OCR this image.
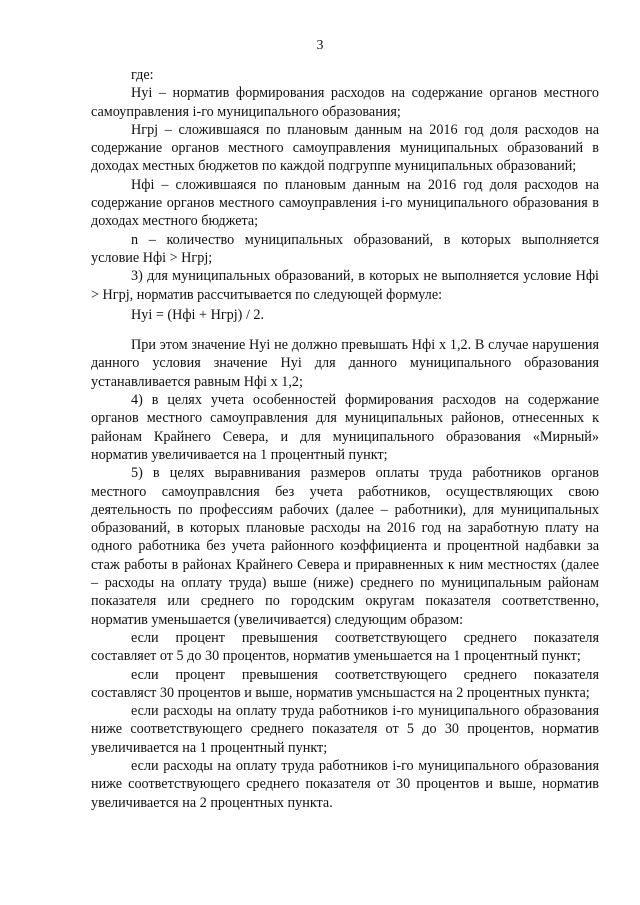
3

где:

Нуi – норматив формирования расходов на содержание органов местного самоуправления i-го муниципального образования;

Нгрj – сложившаяся по плановым данным на 2016 год доля расходов на содержание органов местного самоуправления муниципальных образований в доходах местных бюджетов по каждой подгруппе муниципальных образований;

Нфi – сложившаяся по плановым данным на 2016 год доля расходов на содержание органов местного самоуправления i-го муниципального образования в доходах местного бюджета;

n – количество муниципальных образований, в которых выполняется условие Нфi > Нгрj;

3) для муниципальных образований, в которых не выполняется условие Нфi > Нгрj, норматив рассчитывается по следующей формуле:

Нуi = (Нфi + Нгрj) / 2.

При этом значение Нуi не должно превышать Нфi x 1,2. В случае нарушения данного условия значение Нуi для данного муниципального образования устанавливается равным Нфi x 1,2;

4) в целях учета особенностей формирования расходов на содержание органов местного самоуправления для муниципальных районов, отнесенных к районам Крайнего Севера, и для муниципального образования «Мирный» норматив увеличивается на 1 процентный пункт;

5) в целях выравнивания размеров оплаты труда работников органов местного самоуправлсния без учета работников, осуществляющих свою деятельность по профессиям рабочих (далее – работники), для муниципальных образований, в которых плановые расходы на 2016 год на заработную плату на одного работника без учета районного коэффициента и процентной надбавки за стаж работы в районах Крайнего Севера и приравненных к ним местностях (далее – расходы на оплату труда) выше (ниже) среднего по муниципальным районам показателя или среднего по городским округам показателя соответственно, норматив уменьшается (увеличивается) следующим образом:

если процент превышения соответствующего среднего показателя составляет от 5 до 30 процентов, норматив уменьшается на 1 процентный пункт;

если процент превышения соответствующего среднего показателя составляст 30 процентов и выше, норматив умсньшастся на 2 процентных пункта;

если расходы на оплату труда работников i-го муниципального образования ниже соответствующего среднего показателя от 5 до 30 процентов, норматив увеличивается на 1 процентный пункт;

если расходы на оплату труда работников i-го муниципального образования ниже соответствующего среднего показателя от 30 процентов и выше, норматив увеличивается на 2 процентных пункта.
